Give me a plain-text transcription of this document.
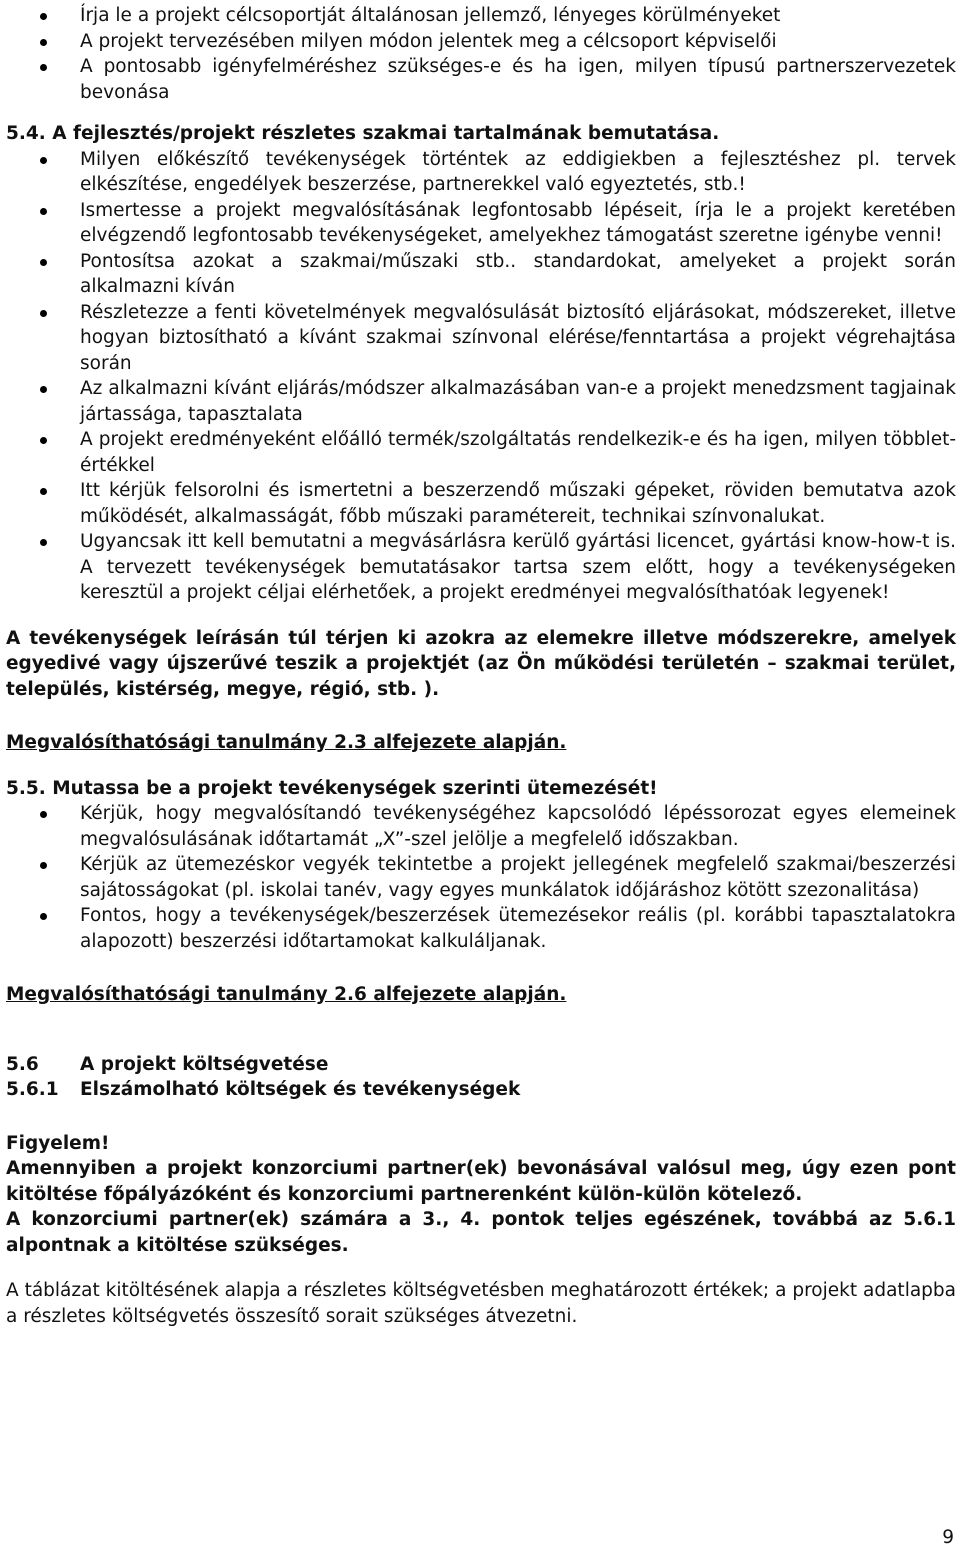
Írja le a projekt célcsoportját általánosan jellemző, lényeges körülményeket
A projekt tervezésében milyen módon jelentek meg a célcsoport képviselői
A pontosabb igényfelméréshez szükséges-e és ha igen, milyen típusú partnerszervezetek bevonása

5.4. A fejlesztés/projekt részletes szakmai tartalmának bemutatása.

Milyen előkészítő tevékenységek történtek az eddigiekben a fejlesztéshez pl. tervek elkészítése, engedélyek beszerzése, partnerekkel való egyeztetés, stb.!
Ismertesse a projekt megvalósításának legfontosabb lépéseit, írja le a projekt keretében elvégzendő legfontosabb tevékenységeket, amelyekhez támogatást szeretne igénybe venni!
Pontosítsa azokat a szakmai/műszaki stb.. standardokat, amelyeket a projekt során alkalmazni kíván
Részletezze a fenti követelmények megvalósulását biztosító eljárásokat, módszereket, illetve hogyan biztosítható a kívánt szakmai színvonal elérése/fenntartása a projekt végrehajtása során
Az alkalmazni kívánt eljárás/módszer alkalmazásában van-e a projekt menedzsment tagjainak jártassága, tapasztalata
A projekt eredményeként előálló termék/szolgáltatás rendelkezik-e és ha igen, milyen többlet-értékkel
Itt kérjük felsorolni és ismertetni a beszerzendő műszaki gépeket, röviden bemutatva azok működését, alkalmasságát, főbb műszaki paramétereit, technikai színvonalukat.
Ugyancsak itt kell bemutatni a megvásárlásra kerülő gyártási licencet, gyártási know-how-t is. A tervezett tevékenységek bemutatásakor tartsa szem előtt, hogy a tevékenységeken keresztül a projekt céljai elérhetőek, a projekt eredményei megvalósíthatóak legyenek!

A tevékenységek leírásán túl térjen ki azokra az elemekre illetve módszerekre, amelyek egyedivé vagy újszerűvé teszik a projektjét (az Ön működési területén – szakmai terület, település, kistérség, megye, régió, stb. ).

Megvalósíthatósági tanulmány 2.3 alfejezete alapján.

5.5. Mutassa be a projekt tevékenységek szerinti ütemezését!

Kérjük, hogy megvalósítandó tevékenységéhez kapcsolódó lépéssorozat egyes elemeinek megvalósulásának időtartamát „X”-szel jelölje a megfelelő időszakban.
Kérjük az ütemezéskor vegyék tekintetbe a projekt jellegének megfelelő szakmai/beszerzési sajátosságokat (pl. iskolai tanév, vagy egyes munkálatok időjáráshoz kötött szezonalitása)
Fontos, hogy a tevékenységek/beszerzések ütemezésekor reális (pl. korábbi tapasztalatokra alapozott) beszerzési időtartamokat kalkuláljanak.

Megvalósíthatósági tanulmány 2.6 alfejezete alapján.

5.6	A projekt költségvetése
5.6.1	Elszámolható költségek és tevékenységek

Figyelem!

Amennyiben a projekt konzorciumi partner(ek) bevonásával valósul meg, úgy ezen pont kitöltése főpályázóként és konzorciumi partnerenként külön-külön kötelező.

A konzorciumi partner(ek) számára a 3., 4. pontok teljes egészének, továbbá az 5.6.1 alpontnak a kitöltése szükséges.

A táblázat kitöltésének alapja a részletes költségvetésben meghatározott értékek; a projekt adatlapba a részletes költségvetés összesítő sorait szükséges átvezetni.

9
